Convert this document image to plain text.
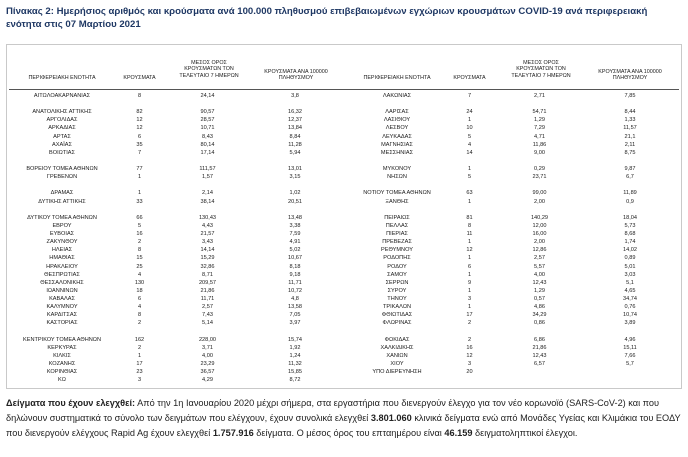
Πίνακας 2: Ημερήσιος αριθμός και κρούσματα ανά 100.000 πληθυσμού επιβεβαιωμένων εγχώριων κρουσμάτων COVID-19 ανά περιφερειακή ενότητα στις 07 Μαρτίου 2021
ΠΕΡΙΦΕΡΕΙΑΚΗ ΕΝΟΤΗΤΑ	ΚΡΟΥΣΜΑΤΑ
ΜΕΣΟΣ ΟΡΟΣ ΚΡΟΥΣΜΑΤΩΝ ΤΟΝ ΤΕΛΕΥΤΑΙΟ 7 ΗΜΕΡΩΝ
ΚΡΟΥΣΜΑΤΑ ΑΝΑ 100000 ΠΛΗΘΥΣΜΟΥ	ΠΕΡΙΦΕΡΕΙΑΚΗ ΕΝΟΤΗΤΑ	ΚΡΟΥΣΜΑΤΑ
ΜΕΣΟΣ ΟΡΟΣ ΚΡΟΥΣΜΑΤΩΝ ΤΟΝ ΤΕΛΕΥΤΑΙΟ 7 ΗΜΕΡΩΝ
ΚΡΟΥΣΜΑΤΑ ΑΝΑ 100000 ΠΛΗΘΥΣΜΟΥ
ΑΙΤΩΛΟΑΚΑΡΝΑΝΙΑΣ	8	24,14	3,8	ΛΑΚΩΝΙΑΣ	7	2,71	7,85
ΑΝΑΤΟΛΙΚΗΣ ΑΤΤΙΚΗΣ	82	90,57	16,32	ΛΑΡΙΣΑΣ	24	54,71	8,44
ΑΡΓΟΛΙΔΑΣ	12	28,57	12,37	ΛΑΣΙΘΙΟΥ	1	1,29	1,33
ΑΡΚΑΔΙΑΣ	12	10,71	13,84	ΛΕΣΒΟΥ	10	7,29	11,57
ΑΡΤΑΣ	6	8,43	8,84	ΛΕΥΚΑΔΑΣ	5	4,71	21,1
ΑΧΑΪΑΣ	35	80,14	11,28	ΜΑΓΝΗΣΙΑΣ	4	11,86	2,11
ΒΟΙΩΤΙΑΣ	7	17,14	5,94	ΜΕΣΣΗΝΙΑΣ	14	9,00	8,75
ΒΟΡΕΙΟΥ ΤΟΜΕΑ ΑΘΗΝΩΝ	77	111,57	13,01	ΜΥΚΟΝΟΥ	1	0,29	9,87
ΓΡΕΒΕΝΩΝ	1	1,57	3,15	ΝΗΣΩΝ	5	23,71	6,7
ΔΡΑΜΑΣ	1	2,14	1,02	ΝΟΤΙΟΥ ΤΟΜΕΑ ΑΘΗΝΩΝ	63	99,00	11,89
ΔΥΤΙΚΗΣ ΑΤΤΙΚΗΣ	33	38,14	20,51	ΞΑΝΘΗΣ	1	2,00	0,9
ΔΥΤΙΚΟΥ ΤΟΜΕΑ ΑΘΗΝΩΝ	66	130,43	13,48	ΠΕΙΡΑΙΩΣ	81	140,29	18,04
ΕΒΡΟΥ	5	4,43	3,38	ΠΕΛΛΑΣ	8	12,00	5,73
ΕΥΒΟΙΑΣ	16	21,57	7,59	ΠΙΕΡΙΑΣ	11	16,00	8,68
ΖΑΚΥΝΘΟΥ	2	3,43	4,91	ΠΡΕΒΕΖΑΣ	1	2,00	1,74
ΗΛΕΙΑΣ	8	14,14	5,02	ΡΕΘΥΜΝΟΥ	12	12,86	14,02
ΗΜΑΘΙΑΣ	15	15,29	10,67	ΡΟΔΟΠΗΣ	1	2,57	0,89
ΗΡΑΚΛΕΙΟΥ	25	32,86	8,18	ΡΟΔΟΥ	6	5,57	5,01
ΘΕΣΠΡΩΤΙΑΣ	4	8,71	9,18	ΣΑΜΟΥ	1	4,00	3,03
ΘΕΣΣΑΛΟΝΙΚΗΣ	130	209,57	11,71	ΣΕΡΡΩΝ	9	12,43	5,1
ΙΩΑΝΝΙΝΩΝ	18	21,86	10,72	ΣΥΡΟΥ	1	1,29	4,65
ΚΑΒΑΛΑΣ	6	11,71	4,8	ΤΗΝΟΥ	3	0,57	34,74
ΚΑΛΥΜΝΟΥ	4	2,57	13,58	ΤΡΙΚΑΛΩΝ	1	4,86	0,76
ΚΑΡΔΙΤΣΑΣ	8	7,43	7,05	ΦΘΙΩΤΙΔΑΣ	17	34,29	10,74
ΚΑΣΤΟΡΙΑΣ	2	5,14	3,97	ΦΛΩΡΙΝΑΣ	2	0,86	3,89
ΚΕΝΤΡΙΚΟΥ ΤΟΜΕΑ ΑΘΗΝΩΝ	162	228,00	15,74	ΦΩΚΙΔΑΣ	2	6,86	4,96
ΚΕΡΚΥΡΑΣ	2	3,71	1,92	ΧΑΛΚΙΔΙΚΗΣ	16	21,86	15,11
ΚΙΛΚΙΣ	1	4,00	1,24	ΧΑΝΙΩΝ	12	12,43	7,66
ΚΟΖΑΝΗΣ	17	23,29	11,32	ΧΙΟΥ	3	6,57	5,7
ΚΟΡΙΝΘΙΑΣ	23	36,57	15,85	ΥΠΟ ΔΙΕΡΕΥΝΗΣΗ	20
ΚΩ	3	4,29	8,72
Δείγματα που έχουν ελεγχθεί: Από την 1η Ιανουαρίου 2020 μέχρι σήμερα, στα εργαστήρια που διενεργούν έλεγχο για τον νέο κορωνοϊό (SARS-CoV-2) και που δηλώνουν συστηματικά το σύνολο των δειγμάτων που ελέγχουν, έχουν συνολικά ελεγχθεί 3.801.060 κλινικά δείγματα ενώ από Μονάδες Υγείας και Κλιμάκια του ΕΟΔΥ που διενεργούν ελέγχους Rapid Ag έχουν ελεγχθεί 1.757.916 δείγματα. Ο μέσος όρος του επταημέρου είναι 46.159 δειγματοληπτικοί έλεγχοι.
